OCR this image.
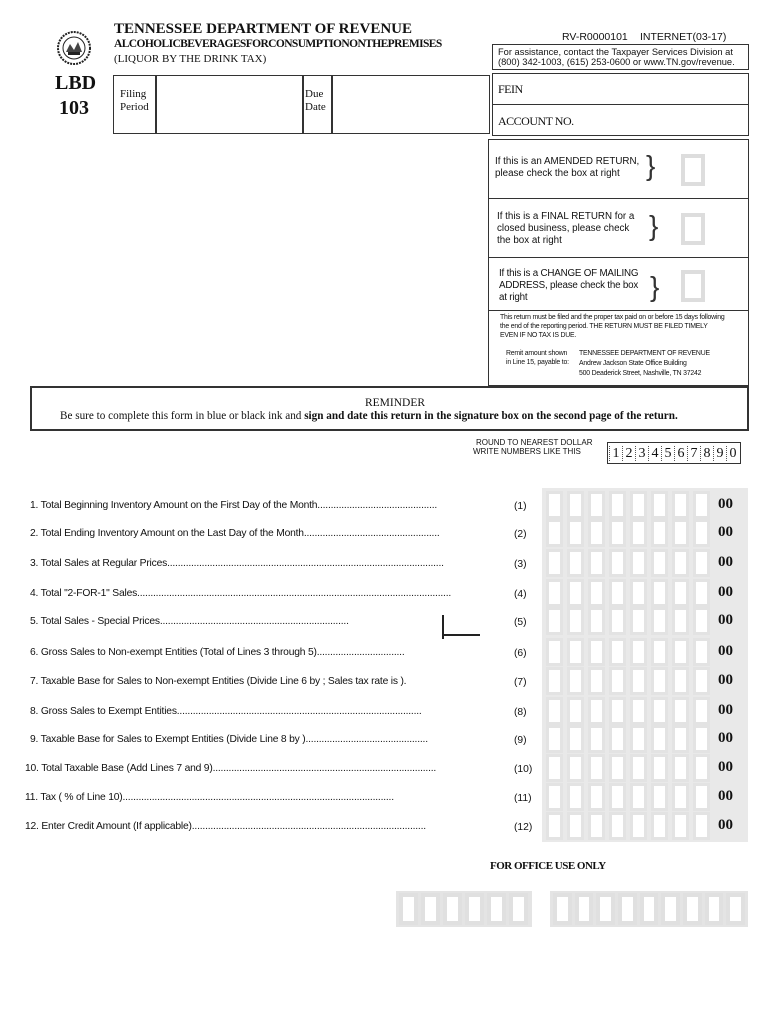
TENNESSEE DEPARTMENT OF REVENUE
ALCOHOLICBEVERAGESFORCONSUMPTIONONTHEPREMISES
(LIQUOR BY THE DRINK TAX)
RV-R0000101 INTERNET(03-17)
For assistance, contact the Taxpayer Services Division at
(800) 342-1003, (615) 253-0600 or www.TN.gov/revenue.
LBD
103
Filing
Period
Due
Date
FEIN
ACCOUNT NO.
If this is an AMENDED RETURN,
please check the box at right }
If this is a FINAL RETURN for a
closed business, please check
the box at right	}
If this is a CHANGE OF MAILING
ADDRESS, please check the box
at right	}
This return must be filed and the proper tax paid on or before 15 days following
the end of the reporting period. THE RETURN MUST BE FILED TIMELY
EVEN IF NO TAX IS DUE.
Remit amount shown
in Line 15, payable to:
TENNESSEE DEPARTMENT OF REVENUE
Andrew Jackson State Office Building
500 Deaderick Street, Nashville, TN 37242
REMINDER
Be sure to complete this form in blue or black ink and sign and date this return in the signature box on the second page of the return.
ROUND TO NEAREST DOLLAR
WRITE NUMBERS LIKE THIS	1 2 3 4 5 6 7 8 9 0
1. Total Beginning Inventory Amount on the First Day of the Month.............................................	(1)	00
2. Total Ending Inventory Amount on the Last Day of the Month...................................................	(2)	00
3. Total Sales at Regular Prices........................................................................................................	(3)	00
4. Total "2-FOR-1" Sales......................................................................................................................	(4)	00
5. Total Sales - Special Prices.......................................................................	(5)	00
6. Gross Sales to Non-exempt Entities (Total of Lines 3 through 5).................................	(6)	00
7. Taxable Base for Sales to Non-exempt Entities (Divide Line 6 by ; Sales tax rate is ).	(7)	00
8. Gross Sales to Exempt Entities............................................................................................	(8)	00
9. Taxable Base for Sales to Exempt Entities (Divide Line 8 by )..............................................	(9)	00
10. Total Taxable Base (Add Lines 7 and 9)....................................................................................	(10)	00
11. Tax ( % of Line 10)......................................................................................................	(11)	00
12. Enter Credit Amount (If applicable)........................................................................................	(12)	00
FOR OFFICE USE ONLY
